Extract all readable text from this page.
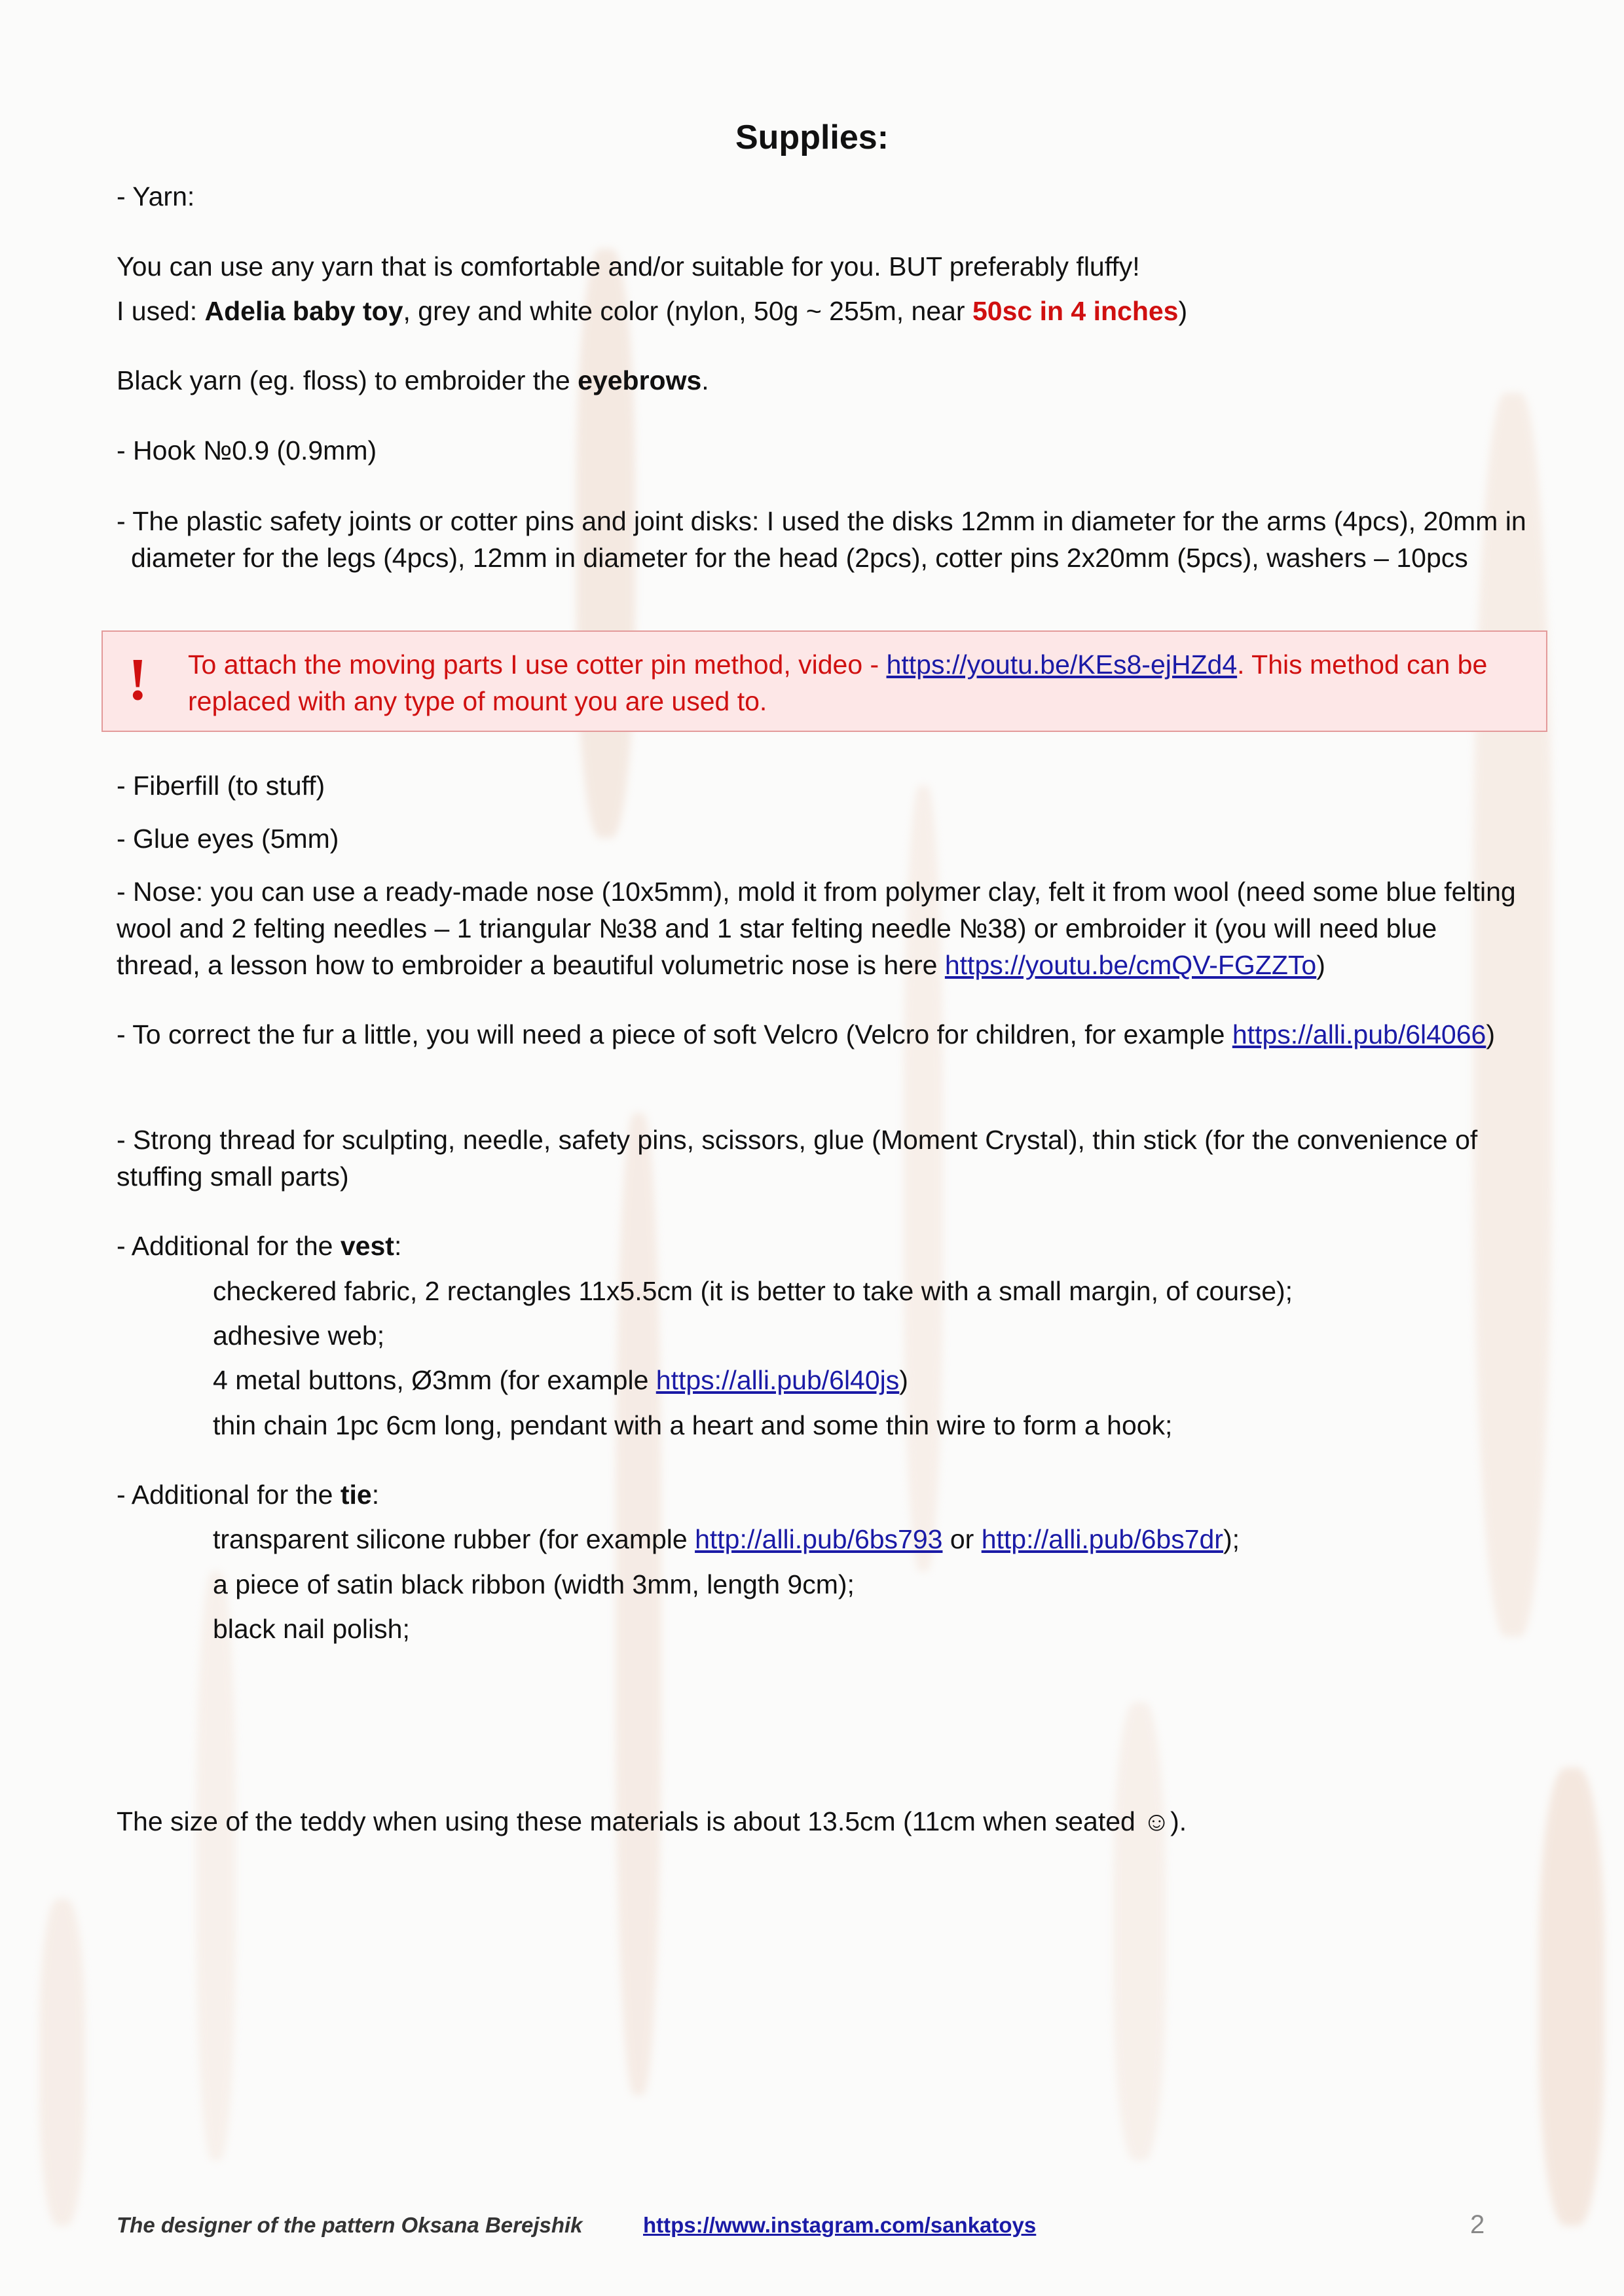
Supplies:

- Yarn:

You can use any yarn that is comfortable and/or suitable for you. BUT preferably fluffy!

I used: Adelia baby toy, grey and white color (nylon, 50g ~ 255m, near 50sc in 4 inches)

Black yarn (eg. floss) to embroider the eyebrows.

- Hook №0.9 (0.9mm)

- The plastic safety joints or cotter pins and joint disks: I used the disks 12mm in diameter for the arms (4pcs), 20mm in diameter for the legs (4pcs), 12mm in diameter for the head (2pcs), cotter pins 2x20mm (5pcs), washers – 10pcs

! To attach the moving parts I use cotter pin method, video - https://youtu.be/KEs8-ejHZd4. This method can be replaced with any type of mount you are used to.

- Fiberfill (to stuff)

- Glue eyes (5mm)

- Nose: you can use a ready-made nose (10x5mm), mold it from polymer clay, felt it from wool (need some blue felting wool and 2 felting needles – 1 triangular №38 and 1 star felting needle №38) or embroider it (you will need blue thread, a lesson how to embroider a beautiful volumetric nose is here https://youtu.be/cmQV-FGZZTo)

- To correct the fur a little, you will need a piece of soft Velcro (Velcro for children, for example https://alli.pub/6l4066)

- Strong thread for sculpting, needle, safety pins, scissors, glue (Moment Crystal), thin stick (for the convenience of stuffing small parts)

- Additional for the vest:

checkered fabric, 2 rectangles 11x5.5cm (it is better to take with a small margin, of course);

adhesive web;

4 metal buttons, Ø3mm (for example https://alli.pub/6l40js)

thin chain 1pc 6cm long, pendant with a heart and some thin wire to form a hook;

- Additional for the tie:

transparent silicone rubber (for example http://alli.pub/6bs793 or http://alli.pub/6bs7dr);

a piece of satin black ribbon (width 3mm, length 9cm);

black nail polish;

The size of the teddy when using these materials is about 13.5cm (11cm when seated ☺).

The designer of the pattern Oksana Berejshik	https://www.instagram.com/sankatoys	2
